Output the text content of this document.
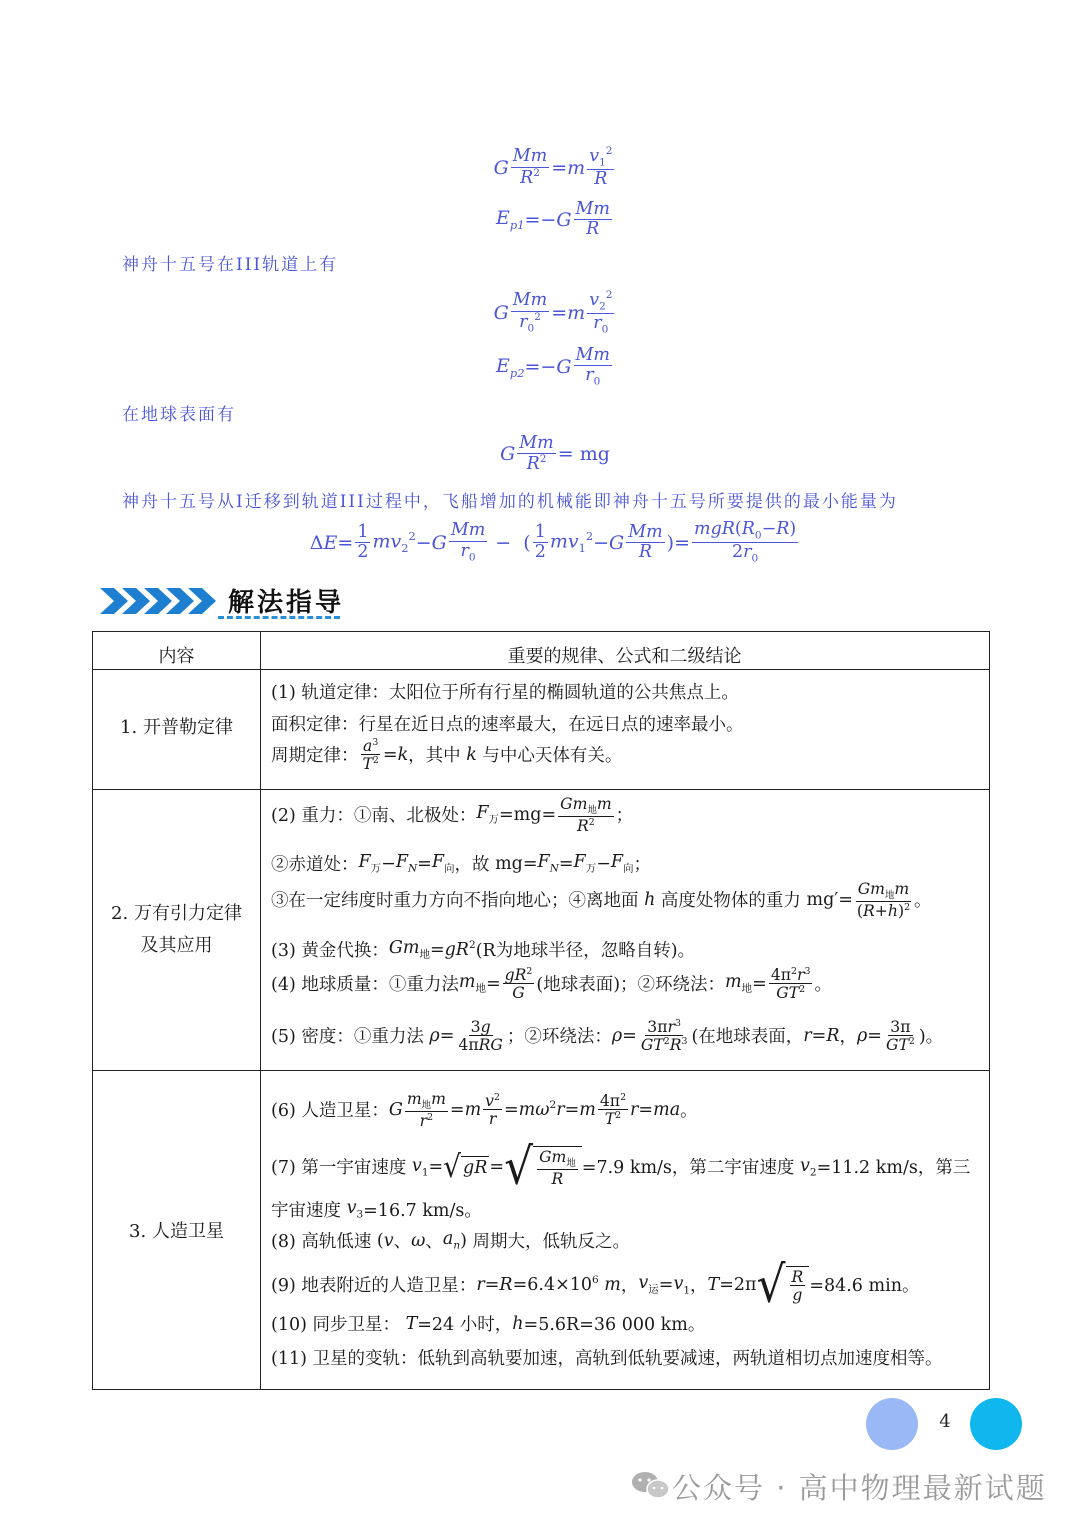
G $\frac{Mm}{R^2} = m \frac{v_1^2}{R}$
$E_{p1} =- G \frac{Mm}{R}$
神舟十五号在III轨道上有
G $\frac{Mm}{r_0^2} = m \frac{v_2^2}{r_0}$
$E_{p2} =- G \frac{Mm}{r_0}$
在地球表面有
G $\frac{Mm}{R^2}$ = mg
神舟十五号从I迁移到轨道III过程中，飞船增加的机械能即神舟十五号所要提供的最小能量为
Δ $E = \frac{1}{2} mv_2^2 - G \frac{Mm}{r_0}$ −  ( $\frac{1}{2} mv_1^2 - G \frac{Mm}{R}$ )= $\frac{mgR(R_0-R)}{2r_0}$
解法指导
内容	重要的规律、公式和二级结论
1. 开普勒定律
(1) 轨道定律：太阳位于所有行星的椭圆轨道的公共焦点上。
面积定律：行星在近日点的速率最大，在远日点的速率最小。
周期定律： $\frac{a^3}{T^2} = k$ ，其中 k 与中心天体有关。
2. 万有引力定律
及其应用
(2) 重力：①南、北极处： $F_万 =mg= \frac{Gm_地m}{R^2}$ ；
②赤道处： $F_万 - F_N = F_向$ ，故 $mg= F_N = F_万 - F_向$ ；
③在一定纬度时重力方向不指向地心；④离地面 h 高度处物体的重力 $mg'= \frac{Gm_地m}{(R+h)^2}$ 。
(3) 黄金代换： $Gm_地 = gR^2$ (R为地球半径，忽略自转)。
(4) 地球质量：①重力法 $m_地 = \frac{gR^2}{G}$ (地球表面)；②环绕法： $m_地 = \frac{4\pi^2r^3}{GT^2}$ 。
(5) 密度：①重力法 $\rho = \frac{3g}{\text{4πRG}}$ ；②环绕法： $\rho = \frac{3\pi r^3}{GT^2R^3}$ (在地球表面， r = R ， $\rho = \frac{3\pi}{GT^2}$ )。
3. 人造卫星
(6) 人造卫星： G $\frac{m_地m}{r^2} = m \frac{v^2}{r} = m\omega^2r = m \frac{4\pi^2}{T^2}$ r = ma 。
(7) 第一宇宙速度 $v_1$ = √ gR = √ $\frac{Gm_地}{R} =7.9$ km/s，第二宇宙速度 $v_2 =11.2$ km/s，第三
宇宙速度 $v_3 =16.7$ km/s。
(8) 高轨低速 ( v 、 ω 、 $a_n$ ) 周期大，低轨反之。
(9) 地表附近的人造卫星： $r = R =6.4\times 10^6$ m ， $v_运 = v_1$ ， T =2π √ $\frac{R}{g} =84.6$ min。
(10) 同步卫星： T =24 小时， h =5.6R=36 000 km。
(11) 卫星的变轨：低轨到高轨要加速，高轨到低轨要减速，两轨道相切点加速度相等。
4
公众号 · 高中物理最新试题
